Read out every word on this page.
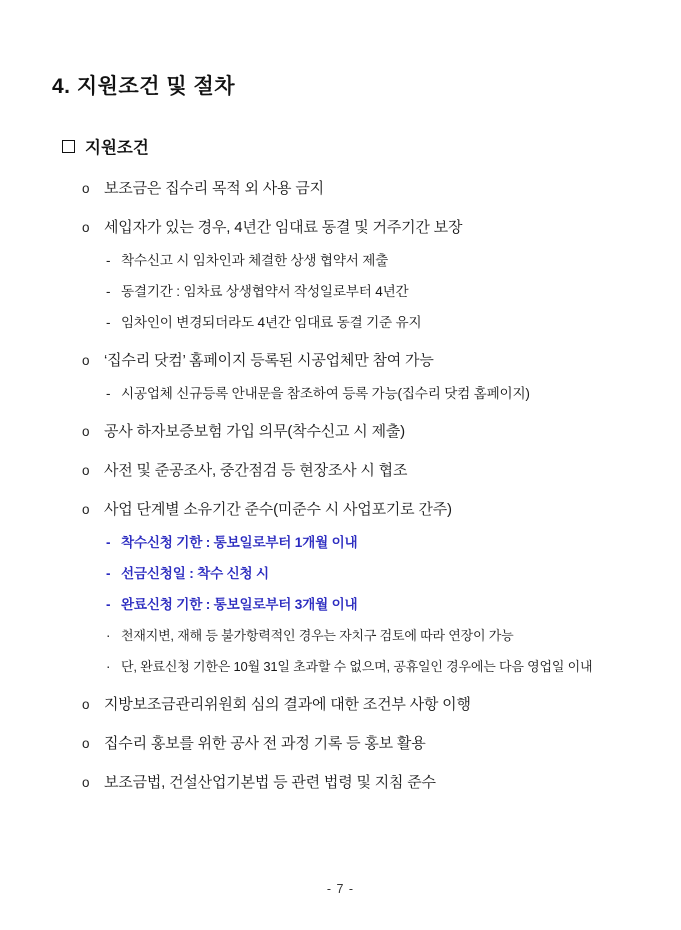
4. 지원조건 및 절차
지원조건
o 보조금은 집수리 목적 외 사용 금지
o 세입자가 있는 경우, 4년간 임대료 동결 및 거주기간 보장
- 착수신고 시 임차인과 체결한 상생 협약서 제출
- 동결기간 : 임차료 상생협약서 작성일로부터 4년간
- 임차인이 변경되더라도 4년간 임대료 동결 기준 유지
o ‘집수리 닷컴’ 홈페이지 등록된 시공업체만 참여 가능
- 시공업체 신규등록 안내문을 참조하여 등록 가능(집수리 닷컴 홈페이지)
o 공사 하자보증보험 가입 의무(착수신고 시 제출)
o 사전 및 준공조사, 중간점검 등 현장조사 시 협조
o 사업 단계별 소유기간 준수(미준수 시 사업포기로 간주)
- 착수신청 기한 : 통보일로부터 1개월 이내
- 선금신청일 : 착수 신청 시
- 완료신청 기한 : 통보일로부터 3개월 이내
· 천재지변, 재해 등 불가항력적인 경우는 자치구 검토에 따라 연장이 가능
· 단, 완료신청 기한은 10월 31일 초과할 수 없으며, 공휴일인 경우에는 다음 영업일 이내
o 지방보조금관리위원회 심의 결과에 대한 조건부 사항 이행
o 집수리 홍보를 위한 공사 전 과정 기록 등 홍보 활용
o 보조금법, 건설산업기본법 등 관련 법령 및 지침 준수
- 7 -
